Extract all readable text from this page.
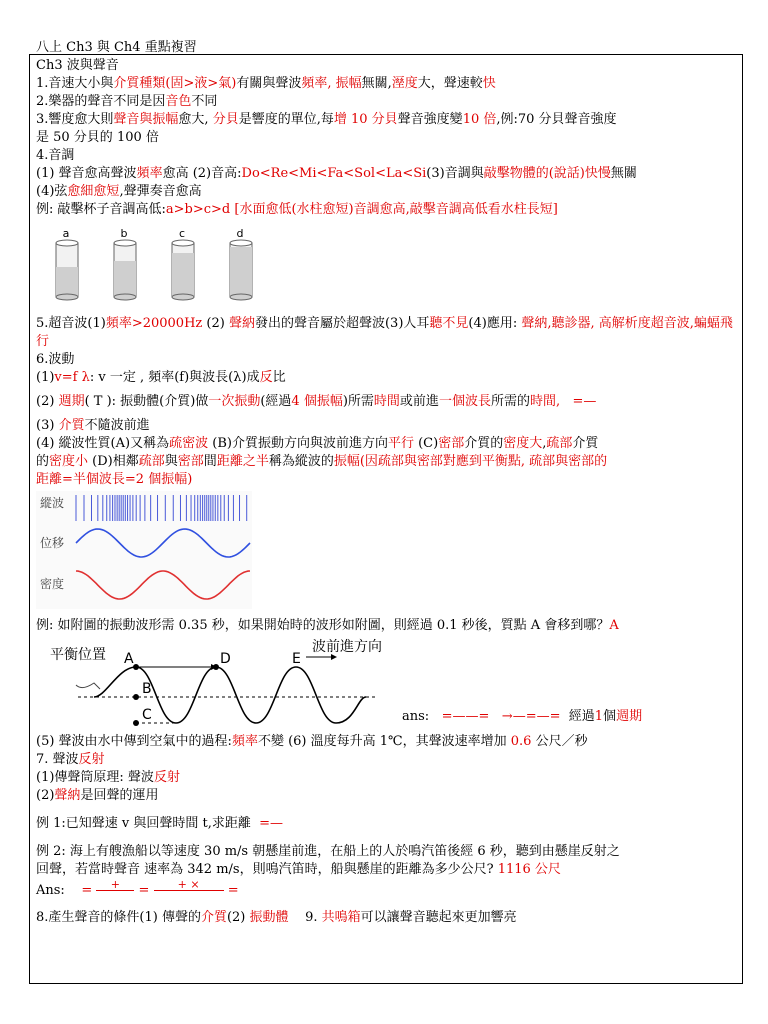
八上 Ch3 與 Ch4 重點複習
Ch3 波與聲音
1.音速大小與介質種類(固>液>氣)有關與聲波頻率, 振幅無關,溼度大，聲速較快
2.樂器的聲音不同是因音色不同
3.響度愈大則聲音與振幅愈大, 分貝是響度的單位,每增 10 分貝聲音強度變10 倍,例:70 分貝聲音強度
是 50 分貝的 100 倍
4.音調
(1) 聲音愈高聲波頻率愈高 (2)音高:Do<Re<Mi<Fa<Sol<La<Si(3)音調與敲擊物體的(說話)快慢無關
(4)弦愈細愈短,聲彈奏音愈高
例: 敲擊杯子音調高低:a>b>c>d [水面愈低(水柱愈短)音調愈高,敲擊音調高低看水柱長短]
a	b	c	d
5.超音波(1)頻率>20000Hz (2) 聲納發出的聲音屬於超聲波(3)人耳聽不見(4)應用: 聲納,聽診器, 高解析度超音波,蝙蝠飛行
6.波動
(1)v=f λ: v 一定 , 頻率(f)與波長(λ)成反比
(2) 週期( T ): 振動體(介質)做一次振動(經過4 個振幅)所需時間或前進一個波長所需的時間, =—
(3) 介質不隨波前進
(4) 縱波性質(A)又稱為疏密波 (B)介質振動方向與波前進方向平行 (C)密部介質的密度大,疏部介質
的密度小 (D)相鄰疏部與密部間距離之半稱為縱波的振幅(因疏部與密部對應到平衡點, 疏部與密部的
距離=半個波長=2 個振幅)
縱波
位移
密度
例: 如附圖的振動波形需 0.35 秒，如果開始時的波形如附圖，則經過 0.1 秒後，質點 A 會移到哪？A
平衡位置	波前進方向
A
B
C
D	E
ans: =——= →—=—= 經過1個週期
(5) 聲波由水中傳到空氣中的過程:頻率不變 (6) 溫度每升高 1℃，其聲波速率增加 0.6 公尺／秒
7. 聲波反射
(1)傳聲筒原理: 聲波反射
(2)聲納是回聲的運用
例 1:已知聲速 v 與回聲時間 t,求距離 =—
例 2: 海上有艘漁船以等速度 30 m/s 朝懸崖前進，在船上的人於鳴汽笛後經 6 秒，聽到由懸崖反射之
回聲，若當時聲音 速率為 342 m/s，則鳴汽笛時，船與懸崖的距離為多少公尺? 1116 公尺
Ans: =	+
	=	+ ×
	=
8.產生聲音的條件(1) 傳聲的介質(2) 振動體 9. 共鳴箱可以讓聲音聽起來更加響亮
